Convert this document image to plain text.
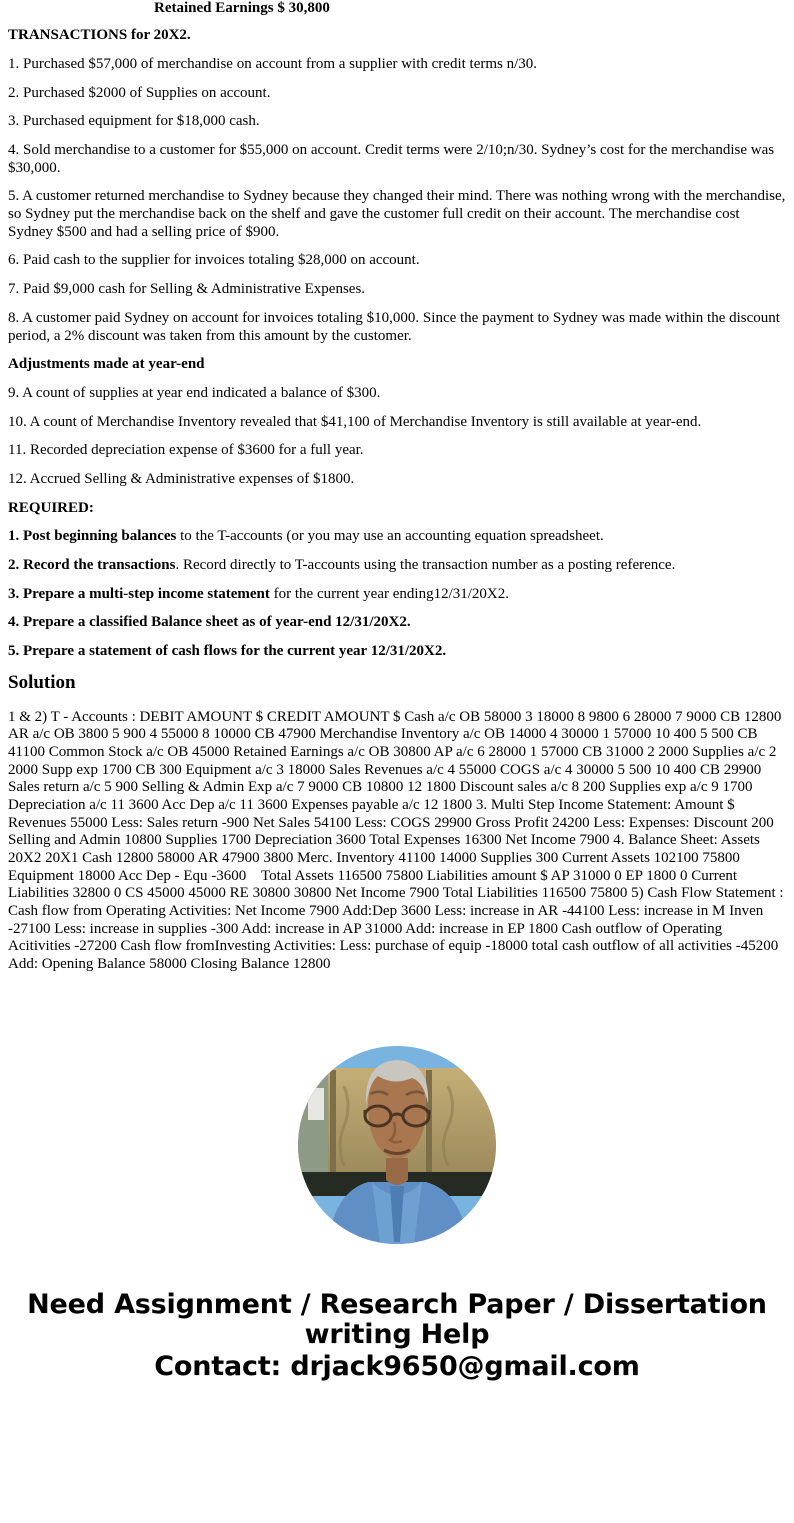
Retained Earnings $ 30,800
TRANSACTIONS for 20X2.

1. Purchased $57,000 of merchandise on account from a supplier with credit terms n/30.

2. Purchased $2000 of Supplies on account.

3. Purchased equipment for $18,000 cash.

4. Sold merchandise to a customer for $55,000 on account. Credit terms were 2/10;n/30. Sydney’s cost for the merchandise was $30,000.

5. A customer returned merchandise to Sydney because they changed their mind. There was nothing wrong with the merchandise, so Sydney put the merchandise back on the shelf and gave the customer full credit on their account. The merchandise cost Sydney $500 and had a selling price of $900.

6. Paid cash to the supplier for invoices totaling $28,000 on account.

7. Paid $9,000 cash for Selling & Administrative Expenses.

8. A customer paid Sydney on account for invoices totaling $10,000. Since the payment to Sydney was made within the discount period, a 2% discount was taken from this amount by the customer.

Adjustments made at year-end

9. A count of supplies at year end indicated a balance of $300.

10. A count of Merchandise Inventory revealed that $41,100 of Merchandise Inventory is still available at year-end.

11. Recorded depreciation expense of $3600 for a full year.

12. Accrued Selling & Administrative expenses of $1800.

REQUIRED:

1. Post beginning balances to the T-accounts (or you may use an accounting equation spreadsheet.

2. Record the transactions. Record directly to T-accounts using the transaction number as a posting reference.

3. Prepare a multi-step income statement for the current year ending12/31/20X2.

4. Prepare a classified Balance sheet as of year-end 12/31/20X2.

5. Prepare a statement of cash flows for the current year 12/31/20X2.

Solution
1 & 2) T - Accounts : DEBIT AMOUNT $ CREDIT AMOUNT $ Cash a/c OB 58000 3 18000 8 9800 6 28000 7 9000 CB 12800 AR a/c OB 3800 5 900 4 55000 8 10000 CB 47900 Merchandise Inventory a/c OB 14000 4 30000 1 57000 10 400 5 500 CB 41100 Common Stock a/c OB 45000 Retained Earnings a/c OB 30800 AP a/c 6 28000 1 57000 CB 31000 2 2000 Supplies a/c 2 2000 Supp exp 1700 CB 300 Equipment a/c 3 18000 Sales Revenues a/c 4 55000 COGS a/c 4 30000 5 500 10 400 CB 29900 Sales return a/c 5 900 Selling & Admin Exp a/c 7 9000 CB 10800 12 1800 Discount sales a/c 8 200 Supplies exp a/c 9 1700 Depreciation a/c 11 3600 Acc Dep a/c 11 3600 Expenses payable a/c 12 1800 3. Multi Step Income Statement: Amount $ Revenues 55000 Less: Sales return -900 Net Sales 54100 Less: COGS 29900 Gross Profit 24200 Less: Expenses: Discount 200 Selling and Admin 10800 Supplies 1700 Depreciation 3600 Total Expenses 16300 Net Income 7900 4. Balance Sheet: Assets 20X2 20X1 Cash 12800 58000 AR 47900 3800 Merc. Inventory 41100 14000 Supplies 300 Current Assets 102100 75800 Equipment 18000 Acc Dep - Equ -3600    Total Assets 116500 75800 Liabilities amount $ AP 31000 0 EP 1800 0 Current Liabilities 32800 0 CS 45000 45000 RE 30800 30800 Net Income 7900 Total Liabilities 116500 75800 5) Cash Flow Statement : Cash flow from Operating Activities: Net Income 7900 Add:Dep 3600 Less: increase in AR -44100 Less: increase in M Inven -27100 Less: increase in supplies -300 Add: increase in AP 31000 Add: increase in EP 1800 Cash outflow of Operating Acitivities -27200 Cash flow fromInvesting Activities: Less: purchase of equip -18000 total cash outflow of all activities -45200 Add: Opening Balance 58000 Closing Balance 12800
Need Assignment / Research Paper / Dissertation
writing Help
Contact: drjack9650@gmail.com
